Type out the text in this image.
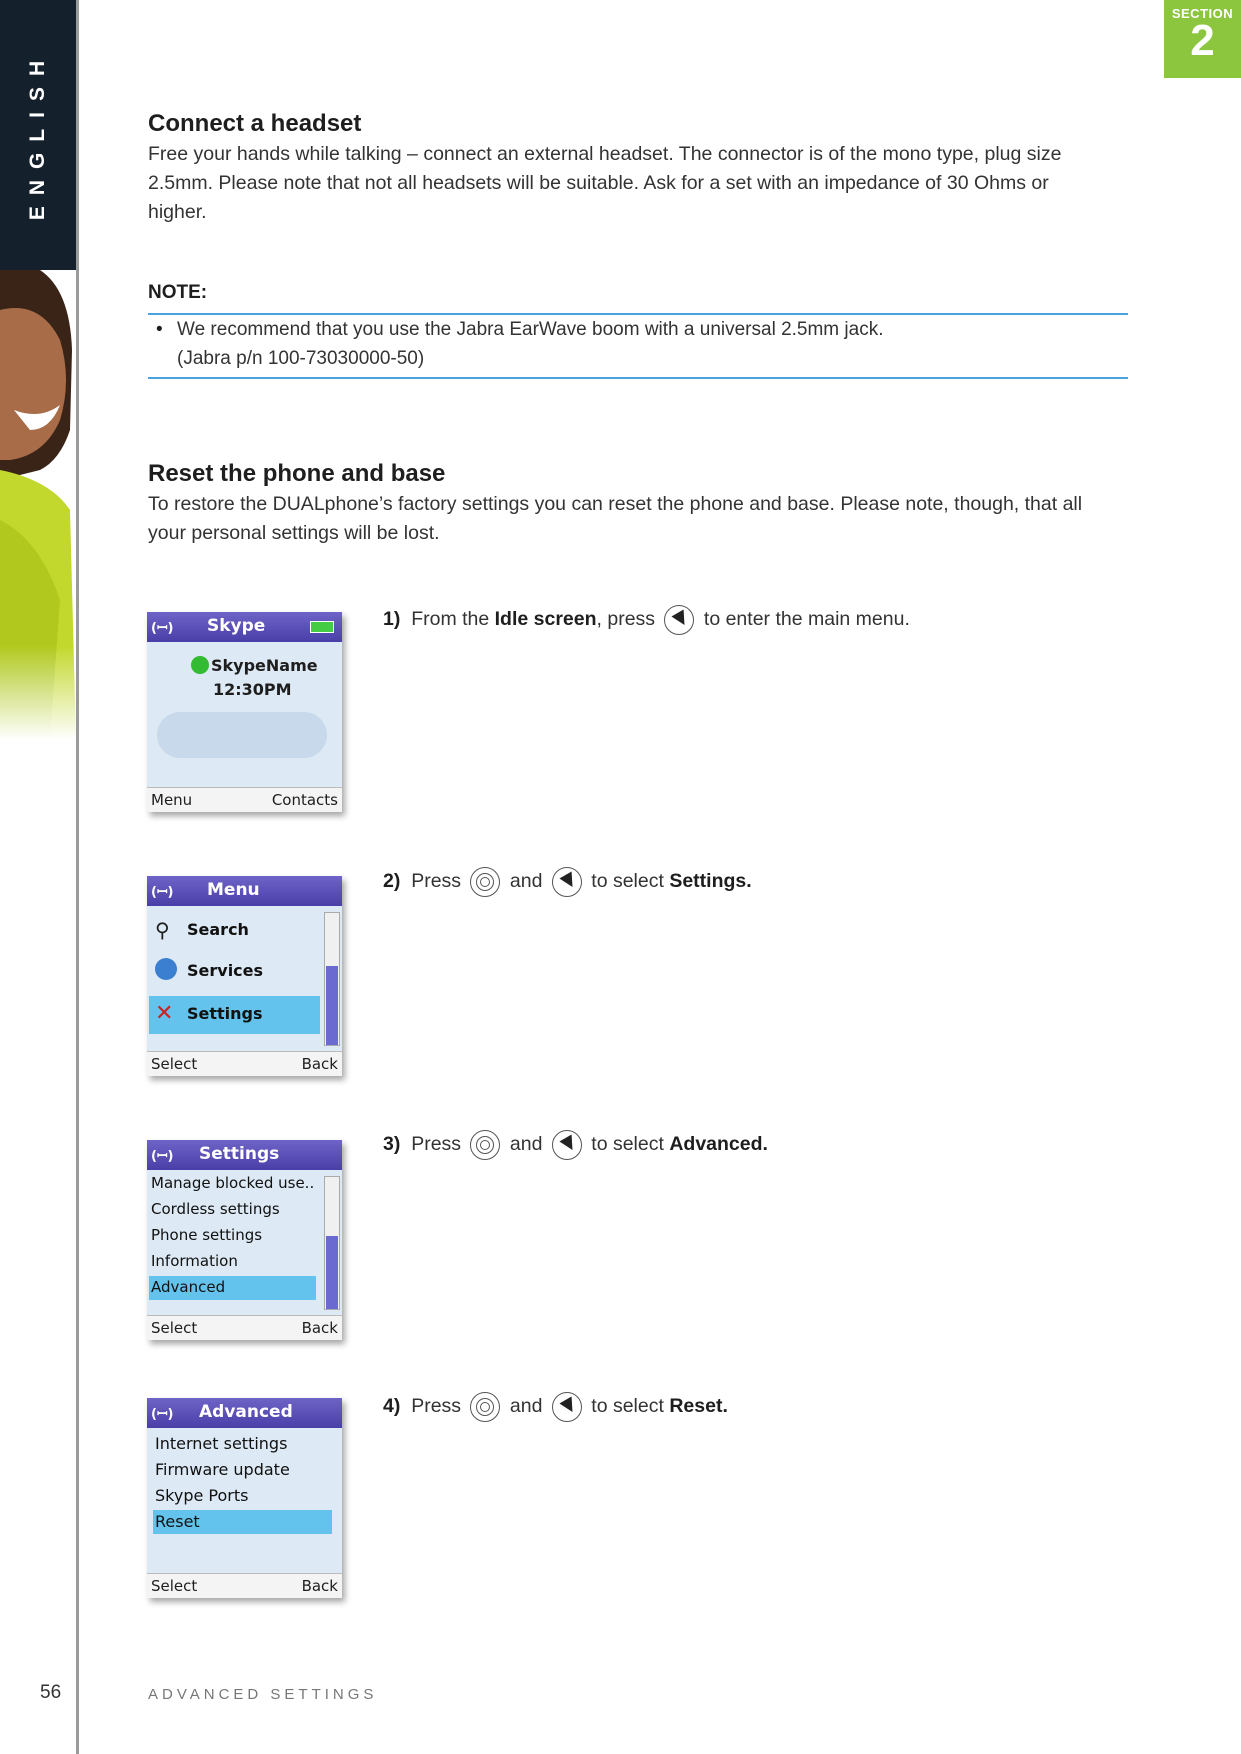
ENGLISH
SECTION
2
Connect a headset

Free your hands while talking – connect an external headset. The connector is of the mono type, plug size

2.5mm. Please note that not all headsets will be suitable. Ask for a set with an impedance of 30 Ohms or

higher.

NOTE:
• We recommend that you use the Jabra EarWave boom with a universal 2.5mm jack.
(Jabra p/n 100-73030000-50)
Reset the phone and base

To restore the DUALphone’s factory settings you can reset the phone and base. Please note, though, that all

your personal settings will be lost.

(ꟷ) Skype
SkypeName
12:30PM
Menu	Contacts
(ꟷ) Menu
⚲ Search
Services
✕ Settings
Select	Back
(ꟷ) Settings
Manage blocked use..
Cordless settings
Phone settings
Information
Advanced
Select	Back
(ꟷ) Advanced
Internet settings
Firmware update
Skype Ports
Reset
Select	Back
1) From the Idle screen, press	to enter the main menu.
2) Press	and	to select Settings.
3) Press	and	to select Advanced.
4) Press	and	to select Reset.
56	ADVANCED SETTINGS
